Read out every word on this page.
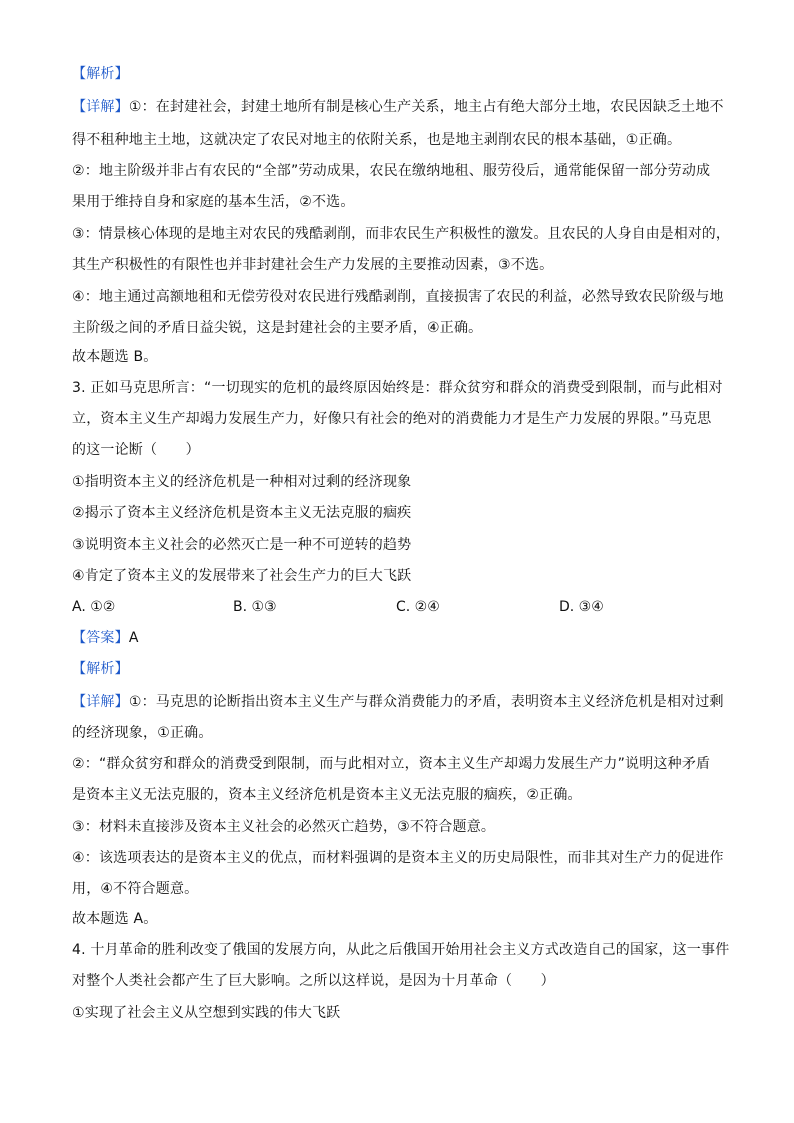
【解析】
【详解】①：在封建社会，封建土地所有制是核心生产关系，地主占有绝大部分土地，农民因缺乏土地不
得不租种地主土地，这就决定了农民对地主的依附关系，也是地主剥削农民的根本基础，①正确。
②：地主阶级并非占有农民的“全部”劳动成果，农民在缴纳地租、服劳役后，通常能保留一部分劳动成
果用于维持自身和家庭的基本生活，②不选。
③：情景核心体现的是地主对农民的残酷剥削，而非农民生产积极性的激发。且农民的人身自由是相对的，
其生产积极性的有限性也并非封建社会生产力发展的主要推动因素，③不选。
④：地主通过高额地租和无偿劳役对农民进行残酷剥削，直接损害了农民的利益，必然导致农民阶级与地
主阶级之间的矛盾日益尖锐，这是封建社会的主要矛盾，④正确。
故本题选 B。
3. 正如马克思所言：“一切现实的危机的最终原因始终是：群众贫穷和群众的消费受到限制，而与此相对
立，资本主义生产却竭力发展生产力，好像只有社会的绝对的消费能力才是生产力发展的界限。”马克思
的这一论断（　　）
①指明资本主义的经济危机是一种相对过剩的经济现象
②揭示了资本主义经济危机是资本主义无法克服的痼疾
③说明资本主义社会的必然灭亡是一种不可逆转的趋势
④肯定了资本主义的发展带来了社会生产力的巨大飞跃
A. ①②	B. ①③	C. ②④	D. ③④
【答案】A
【解析】
【详解】①：马克思的论断指出资本主义生产与群众消费能力的矛盾，表明资本主义经济危机是相对过剩
的经济现象，①正确。
②：“群众贫穷和群众的消费受到限制，而与此相对立，资本主义生产却竭力发展生产力”说明这种矛盾
是资本主义无法克服的，资本主义经济危机是资本主义无法克服的痼疾，②正确。
③：材料未直接涉及资本主义社会的必然灭亡趋势，③不符合题意。
④：该选项表达的是资本主义的优点，而材料强调的是资本主义的历史局限性，而非其对生产力的促进作
用，④不符合题意。
故本题选 A。
4. 十月革命的胜利改变了俄国的发展方向，从此之后俄国开始用社会主义方式改造自己的国家，这一事件
对整个人类社会都产生了巨大影响。之所以这样说，是因为十月革命（　　）
①实现了社会主义从空想到实践的伟大飞跃
